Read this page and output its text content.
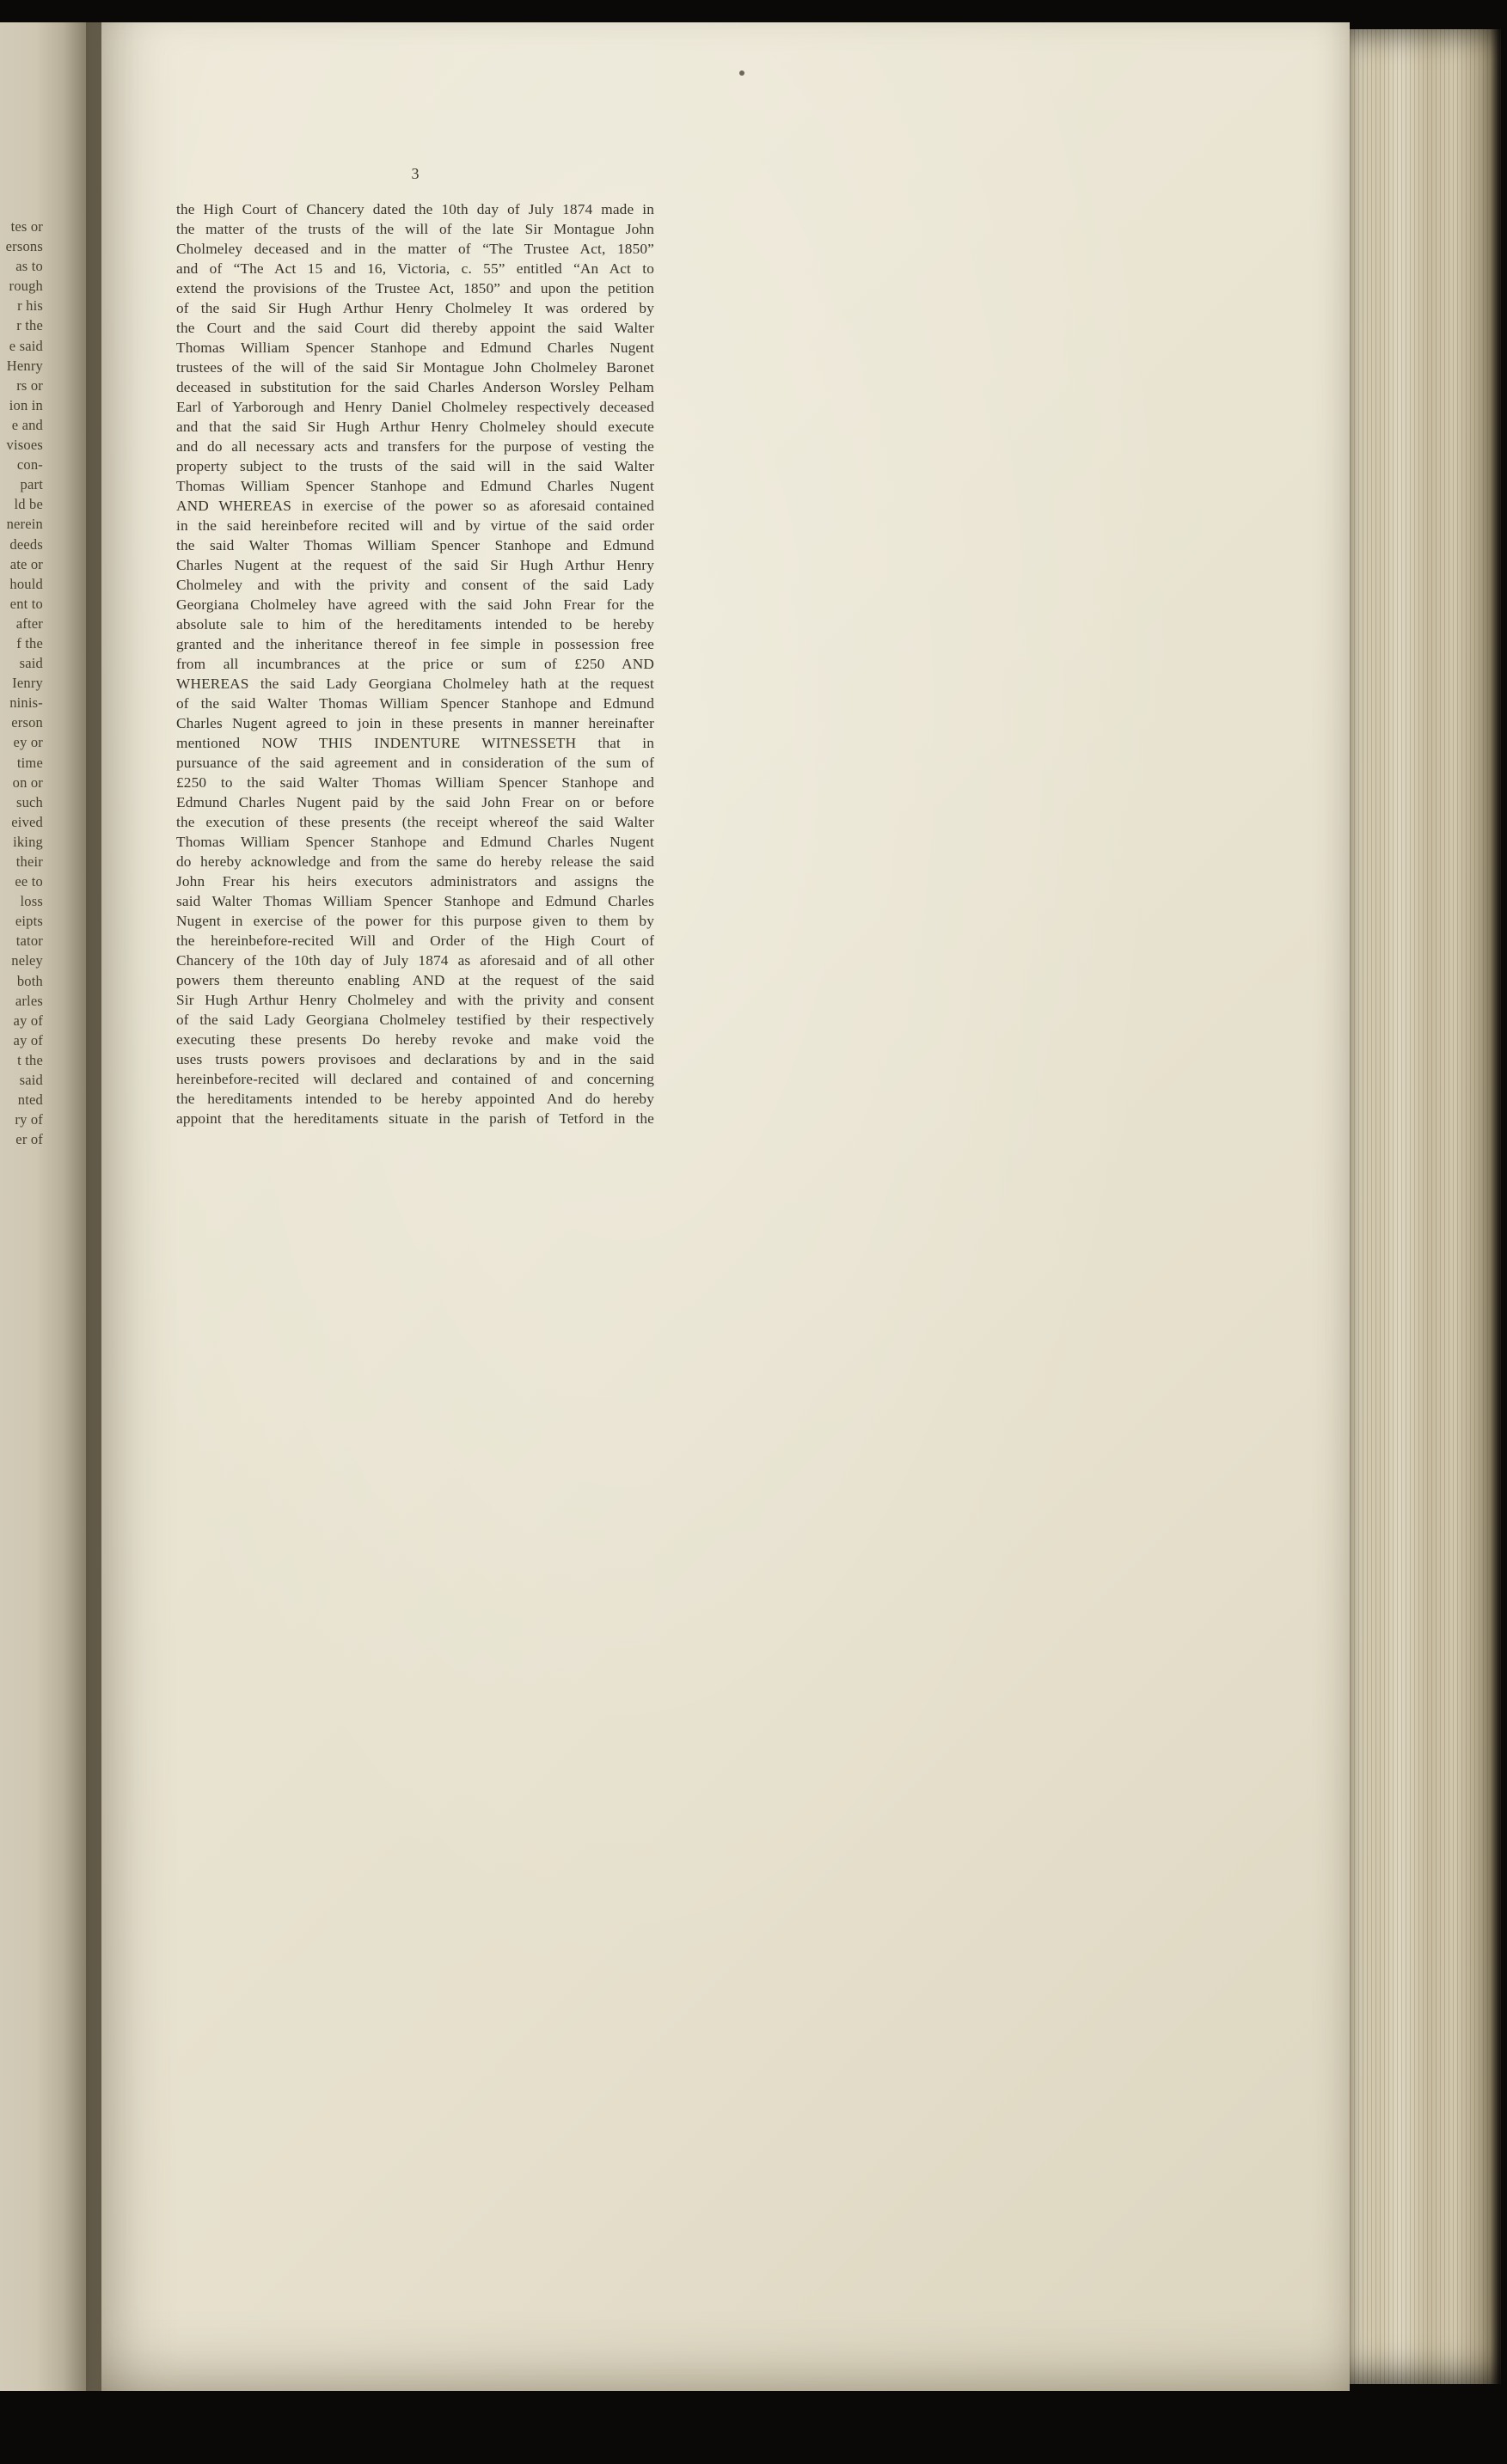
tes or
ersons
as to
rough
r his
r the
e said
Henry
rs or
ion in
e and
visoes
con-
part
ld be
nerein
deeds
ate or
hould
ent to
after
f the
said
Ienry
ninis-
erson
ey or
time
on or
such
eived
iking
their
ee to
loss
eipts
tator
neley
both
arles
ay of
ay of
t the
said
nted
ry of
er of
3
the High Court of Chancery dated the 10th day of July 1874 made in
the matter of the trusts of the will of the late Sir Montague John
Cholmeley deceased and in the matter of “The Trustee Act, 1850”
and of “The Act 15 and 16, Victoria, c. 55” entitled “An Act to
extend the provisions of the Trustee Act, 1850” and upon the petition
of the said Sir Hugh Arthur Henry Cholmeley It was ordered by
the Court and the said Court did thereby appoint the said Walter
Thomas William Spencer Stanhope and Edmund Charles Nugent
trustees of the will of the said Sir Montague John Cholmeley Baronet
deceased in substitution for the said Charles Anderson Worsley Pelham
Earl of Yarborough and Henry Daniel Cholmeley respectively deceased
and that the said Sir Hugh Arthur Henry Cholmeley should execute
and do all necessary acts and transfers for the purpose of vesting the
property subject to the trusts of the said will in the said Walter
Thomas William Spencer Stanhope and Edmund Charles Nugent
AND WHEREAS in exercise of the power so as aforesaid contained
in the said hereinbefore recited will and by virtue of the said order
the said Walter Thomas William Spencer Stanhope and Edmund
Charles Nugent at the request of the said Sir Hugh Arthur Henry
Cholmeley and with the privity and consent of the said Lady
Georgiana Cholmeley have agreed with the said John Frear for the
absolute sale to him of the hereditaments intended to be hereby
granted and the inheritance thereof in fee simple in possession free
from all incumbrances at the price or sum of £250 AND
WHEREAS the said Lady Georgiana Cholmeley hath at the request
of the said Walter Thomas William Spencer Stanhope and Edmund
Charles Nugent agreed to join in these presents in manner hereinafter
mentioned NOW THIS INDENTURE WITNESSETH that in
pursuance of the said agreement and in consideration of the sum of
£250 to the said Walter Thomas William Spencer Stanhope and
Edmund Charles Nugent paid by the said John Frear on or before
the execution of these presents (the receipt whereof the said Walter
Thomas William Spencer Stanhope and Edmund Charles Nugent
do hereby acknowledge and from the same do hereby release the said
John Frear his heirs executors administrators and assigns the
said Walter Thomas William Spencer Stanhope and Edmund Charles
Nugent in exercise of the power for this purpose given to them by
the hereinbefore-recited Will and Order of the High Court of
Chancery of the 10th day of July 1874 as aforesaid and of all other
powers them thereunto enabling AND at the request of the said
Sir Hugh Arthur Henry Cholmeley and with the privity and consent
of the said Lady Georgiana Cholmeley testified by their respectively
executing these presents Do hereby revoke and make void the
uses trusts powers provisoes and declarations by and in the said
hereinbefore-recited will declared and contained of and concerning
the hereditaments intended to be hereby appointed And do hereby
appoint that the hereditaments situate in the parish of Tetford in the
